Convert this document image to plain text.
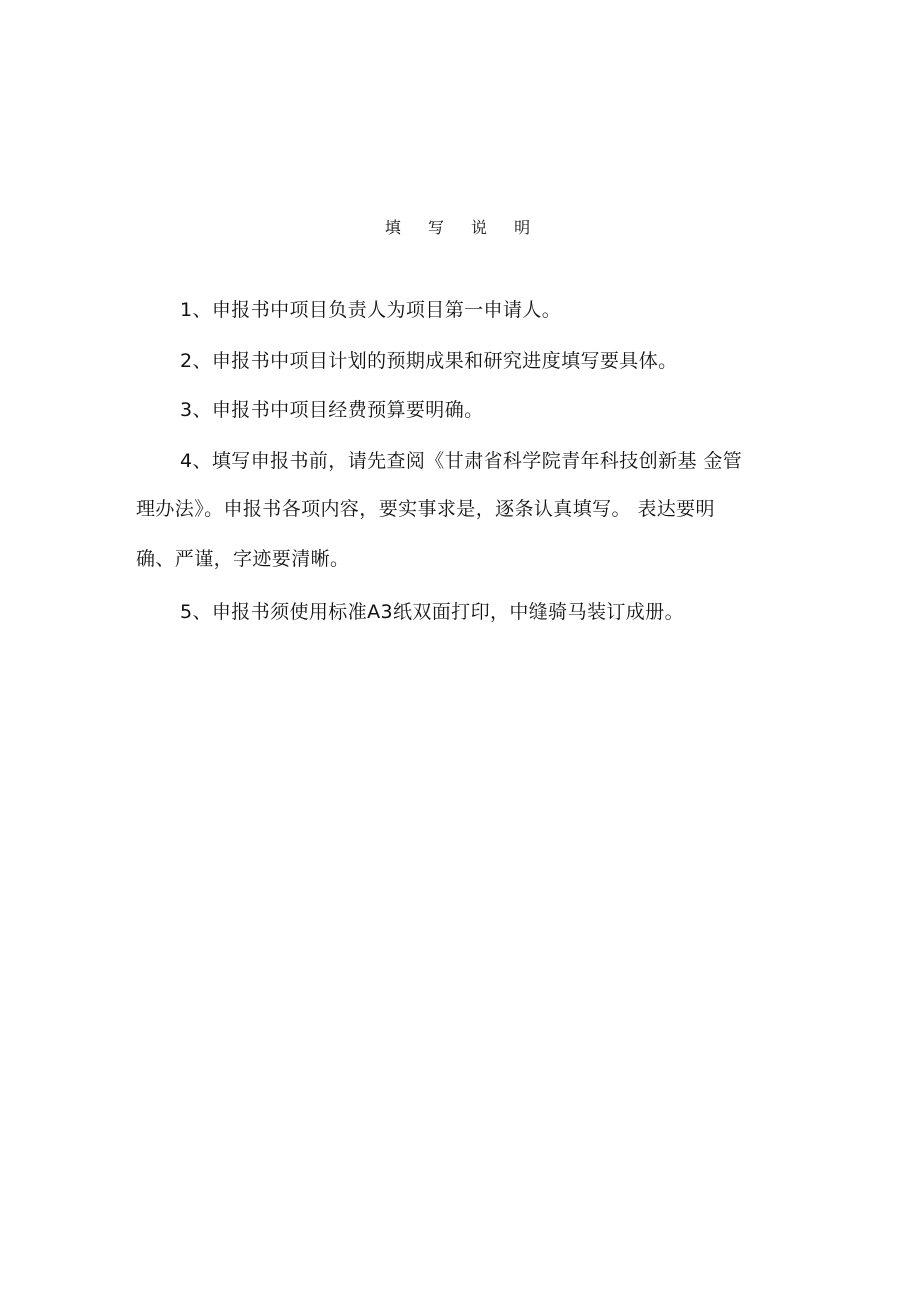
填 写 说 明
1、申报书中项目负责人为项目第一申请人。
2、申报书中项目计划的预期成果和研究进度填写要具体。
3、申报书中项目经费预算要明确。
4、填写申报书前，请先查阅《甘肃省科学院青年科技创新基 金管
理办法》。申报书各项内容，要实事求是，逐条认真填写。 表达要明
确、严谨，字迹要清晰。
5、申报书须使用标准A3纸双面打印，中缝骑马装订成册。
